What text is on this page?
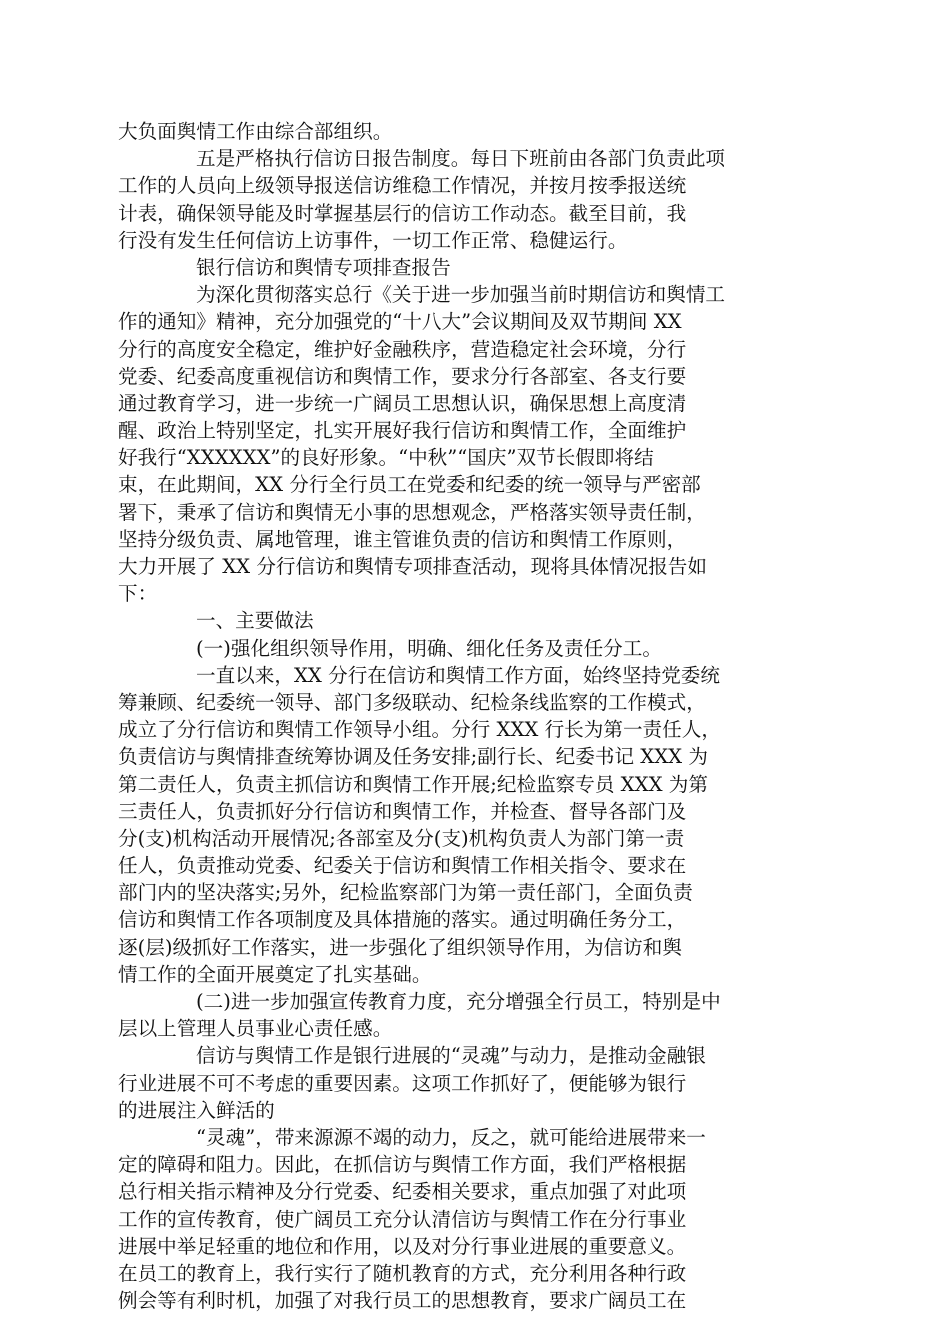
大负面舆情工作由综合部组织。
五是严格执行信访日报告制度。每日下班前由各部门负责此项
工作的人员向上级领导报送信访维稳工作情况，并按月按季报送统
计表，确保领导能及时掌握基层行的信访工作动态。截至目前，我
行没有发生任何信访上访事件，一切工作正常、稳健运行。
银行信访和舆情专项排查报告
为深化贯彻落实总行《关于进一步加强当前时期信访和舆情工
作的通知》精神，充分加强党的“十八大”会议期间及双节期间 XX
分行的高度安全稳定，维护好金融秩序，营造稳定社会环境，分行
党委、纪委高度重视信访和舆情工作，要求分行各部室、各支行要
通过教育学习，进一步统一广阔员工思想认识，确保思想上高度清
醒、政治上特别坚定，扎实开展好我行信访和舆情工作，全面维护
好我行“XXXXXX”的良好形象。“中秋”“国庆”双节长假即将结
束，在此期间，XX 分行全行员工在党委和纪委的统一领导与严密部
署下，秉承了信访和舆情无小事的思想观念，严格落实领导责任制，
坚持分级负责、属地管理，谁主管谁负责的信访和舆情工作原则，
大力开展了 XX 分行信访和舆情专项排查活动，现将具体情况报告如
下：
一、主要做法
(一)强化组织领导作用，明确、细化任务及责任分工。
一直以来，XX 分行在信访和舆情工作方面，始终坚持党委统
筹兼顾、纪委统一领导、部门多级联动、纪检条线监察的工作模式，
成立了分行信访和舆情工作领导小组。分行 XXX 行长为第一责任人，
负责信访与舆情排查统筹协调及任务安排;副行长、纪委书记 XXX 为
第二责任人，负责主抓信访和舆情工作开展;纪检监察专员 XXX 为第
三责任人，负责抓好分行信访和舆情工作，并检查、督导各部门及
分(支)机构活动开展情况;各部室及分(支)机构负责人为部门第一责
任人，负责推动党委、纪委关于信访和舆情工作相关指令、要求在
部门内的坚决落实;另外，纪检监察部门为第一责任部门，全面负责
信访和舆情工作各项制度及具体措施的落实。通过明确任务分工，
逐(层)级抓好工作落实，进一步强化了组织领导作用，为信访和舆
情工作的全面开展奠定了扎实基础。
(二)进一步加强宣传教育力度，充分增强全行员工，特别是中
层以上管理人员事业心责任感。
信访与舆情工作是银行进展的“灵魂”与动力，是推动金融银
行业进展不可不考虑的重要因素。这项工作抓好了，便能够为银行
的进展注入鲜活的
“灵魂”，带来源源不竭的动力，反之，就可能给进展带来一
定的障碍和阻力。因此，在抓信访与舆情工作方面，我们严格根据
总行相关指示精神及分行党委、纪委相关要求，重点加强了对此项
工作的宣传教育，使广阔员工充分认清信访与舆情工作在分行事业
进展中举足轻重的地位和作用，以及对分行事业进展的重要意义。
在员工的教育上，我行实行了随机教育的方式，充分利用各种行政
例会等有利时机，加强了对我行员工的思想教育，要求广阔员工在
